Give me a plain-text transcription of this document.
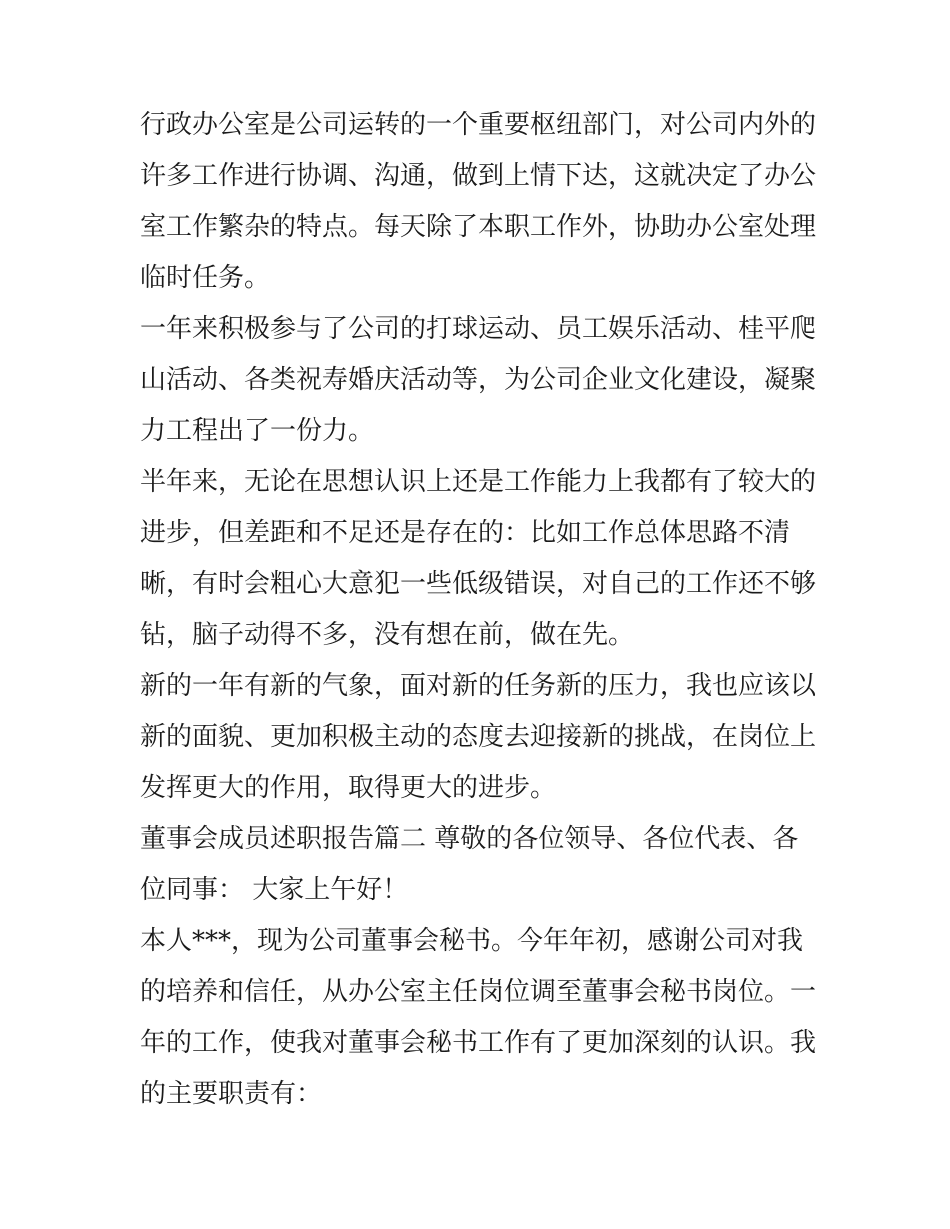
行政办公室是公司运转的一个重要枢纽部门，对公司内外的许多工作进行协调、沟通，做到上情下达，这就决定了办公室工作繁杂的特点。每天除了本职工作外，协助办公室处理临时任务。

一年来积极参与了公司的打球运动、员工娱乐活动、桂平爬山活动、各类祝寿婚庆活动等，为公司企业文化建设，凝聚力工程出了一份力。

半年来，无论在思想认识上还是工作能力上我都有了较大的进步，但差距和不足还是存在的：比如工作总体思路不清晰，有时会粗心大意犯一些低级错误，对自己的工作还不够钻，脑子动得不多，没有想在前，做在先。

新的一年有新的气象，面对新的任务新的压力，我也应该以新的面貌、更加积极主动的态度去迎接新的挑战，在岗位上发挥更大的作用，取得更大的进步。

董事会成员述职报告篇二 尊敬的各位领导、各位代表、各位同事： 大家上午好！

本人***，现为公司董事会秘书。今年年初，感谢公司对我的培养和信任，从办公室主任岗位调至董事会秘书岗位。一年的工作，使我对董事会秘书工作有了更加深刻的认识。我的主要职责有：
